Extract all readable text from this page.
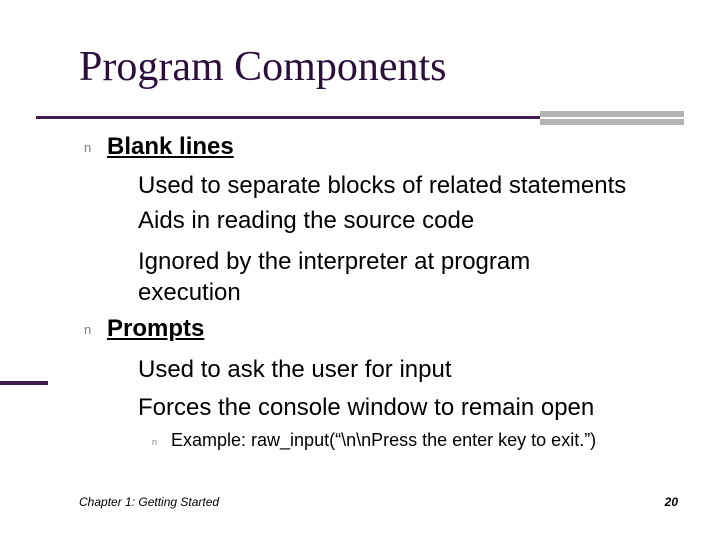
Program Components
n Blank lines
Used to separate blocks of related statements
Aids in reading the source code
Ignored by the interpreter at program
execution
n Prompts
Used to ask the user for input
Forces the console window to remain open
n Example: raw_input(“\n\nPress the enter key to exit.”)
Chapter 1: Getting Started	20
